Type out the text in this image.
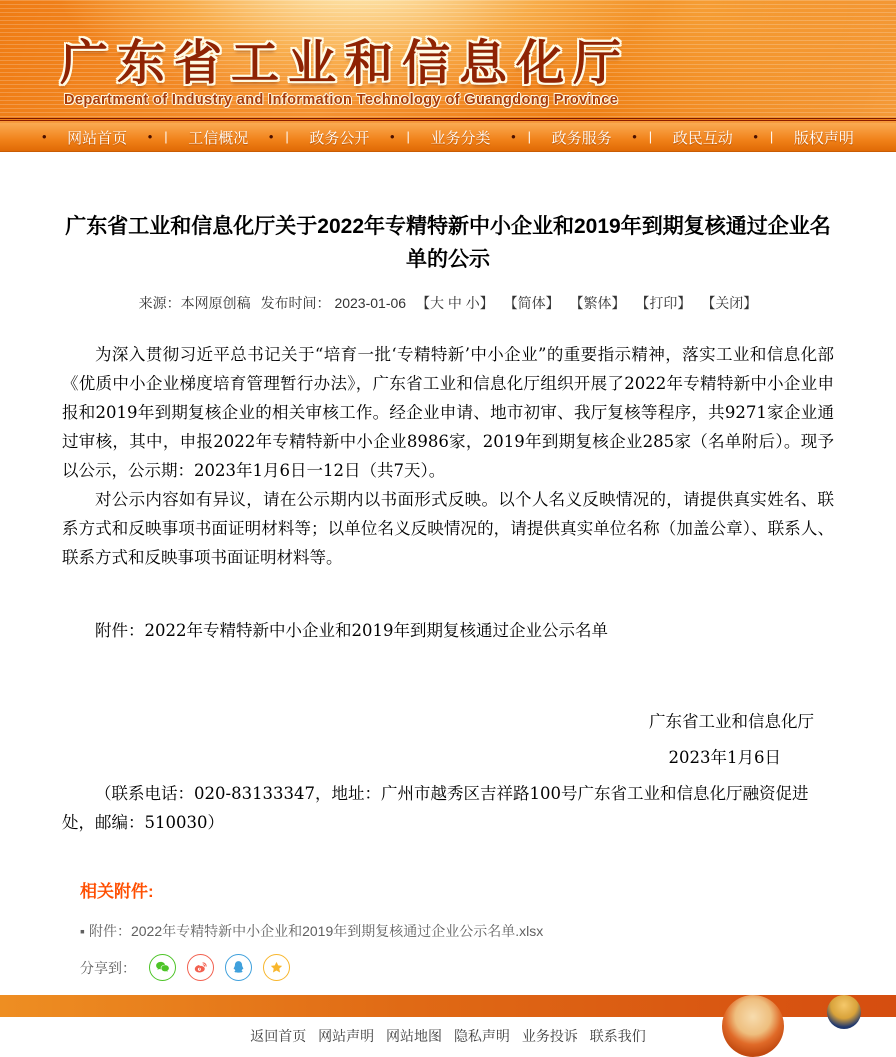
广东省工业和信息化厅
Department of Industry and Information Technology of Guangdong Province
•
网站首页 • |	工信概况 • |	政务公开 • |	业务分类 • |	政务服务 • |	政民互动 • |	版权声明
广东省工业和信息化厅关于2022年专精特新中小企业和2019年到期复核通过企业名单的公示
来源：本网原创稿 发布时间： 2023-01-06 【大 中 小】 【简体】 【繁体】 【打印】 【关闭】

为深入贯彻习近平总书记关于“培育一批‘专精特新’中小企业”的重要指示精神，落实工业和信息化部《优质中小企业梯度培育管理暂行办法》，广东省工业和信息化厅组织开展了2022年专精特新中小企业申报和2019年到期复核企业的相关审核工作。经企业申请、地市初审、我厅复核等程序，共9271家企业通过审核，其中，申报2022年专精特新中小企业8986家，2019年到期复核企业285家（名单附后）。现予以公示，公示期：2023年1月6日一12日（共7天）。

对公示内容如有异议，请在公示期内以书面形式反映。以个人名义反映情况的，请提供真实姓名、联系方式和反映事项书面证明材料等；以单位名义反映情况的，请提供真实单位名称（加盖公章）、联系人、联系方式和反映事项书面证明材料等。

附件：2022年专精特新中小企业和2019年到期复核通过企业公示名单
广东省工业和信息化厅
2023年1月6日
（联系电话：020-83133347，地址：广州市越秀区吉祥路100号广东省工业和信息化厅融资促进处，邮编：510030）
相关附件:
▪ 附件：2022年专精特新中小企业和2019年到期复核通过企业公示名单.xlsx
分享到：
返回首页 网站声明 网站地图 隐私声明 业务投诉 联系我们
